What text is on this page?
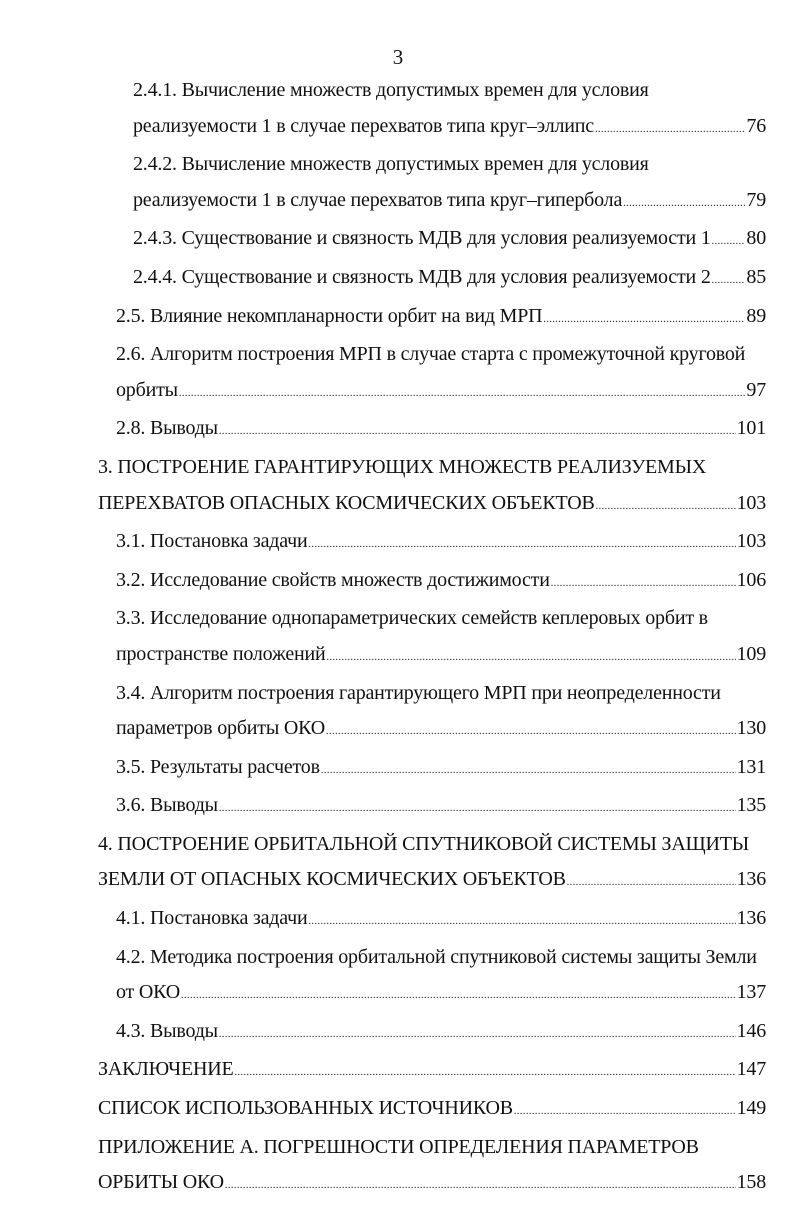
3
2.4.1. Вычисление множеств допустимых времен для условия
реализуемости 1 в случае перехватов типа круг–эллипс . . .	76
2.4.2. Вычисление множеств допустимых времен для условия
реализуемости 1 в случае перехватов типа круг–гипербола . . .	79
2.4.3. Существование и связность МДВ для условия реализуемости 1 . . . 80
2.4.4. Существование и связность МДВ для условия реализуемости 2 . . . 85
2.5. Влияние некомпланарности орбит на вид МРП . . .	89
2.6. Алгоритм построения МРП в случае старта с промежуточной круговой
орбиты . . .	97
2.8. Выводы . . .	101
3. ПОСТРОЕНИЕ ГАРАНТИРУЮЩИХ МНОЖЕСТВ РЕАЛИЗУЕМЫХ
ПЕРЕХВАТОВ ОПАСНЫХ КОСМИЧЕСКИХ ОБЪЕКТОВ . . .	103
3.1. Постановка задачи . . .	103
3.2. Исследование свойств множеств достижимости . . .	106
3.3. Исследование однопараметрических семейств кеплеровых орбит в
пространстве положений . . .	109
3.4. Алгоритм построения гарантирующего МРП при неопределенности
параметров орбиты ОКО . . .	130
3.5. Результаты расчетов . . .	131
3.6. Выводы . . .	135
4. ПОСТРОЕНИЕ ОРБИТАЛЬНОЙ СПУТНИКОВОЙ СИСТЕМЫ ЗАЩИТЫ
ЗЕМЛИ ОТ ОПАСНЫХ КОСМИЧЕСКИХ ОБЪЕКТОВ . . .	136
4.1. Постановка задачи . . .	136
4.2. Методика построения орбитальной спутниковой системы защиты Земли
от ОКО . . .	137
4.3. Выводы . . .	146
ЗАКЛЮЧЕНИЕ . . .	147
СПИСОК ИСПОЛЬЗОВАННЫХ ИСТОЧНИКОВ . . .	149
ПРИЛОЖЕНИЕ А. ПОГРЕШНОСТИ ОПРЕДЕЛЕНИЯ ПАРАМЕТРОВ
ОРБИТЫ ОКО . . .	158
